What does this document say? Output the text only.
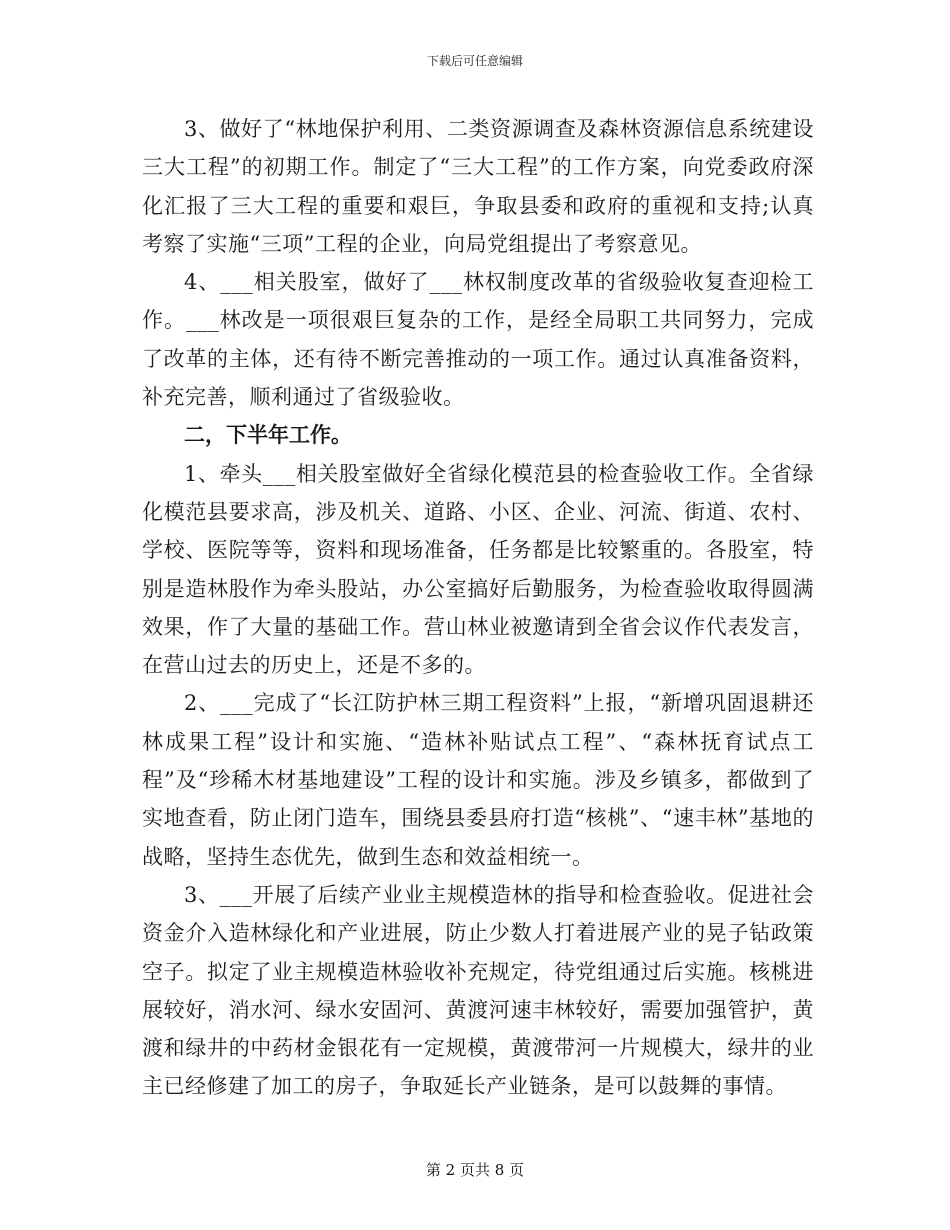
下载后可任意编辑

3、做好了“林地保护利用、二类资源调查及森林资源信息系统建设三大工程”的初期工作。制定了“三大工程”的工作方案，向党委政府深化汇报了三大工程的重要和艰巨，争取县委和政府的重视和支持;认真考察了实施“三项”工程的企业，向局党组提出了考察意见。

4、___相关股室，做好了___林权制度改革的省级验收复查迎检工作。___林改是一项很艰巨复杂的工作，是经全局职工共同努力，完成了改革的主体，还有待不断完善推动的一项工作。通过认真准备资料，补充完善，顺利通过了省级验收。

二，下半年工作。

1、牵头___相关股室做好全省绿化模范县的检查验收工作。全省绿化模范县要求高，涉及机关、道路、小区、企业、河流、街道、农村、学校、医院等等，资料和现场准备，任务都是比较繁重的。各股室，特别是造林股作为牵头股站，办公室搞好后勤服务，为检查验收取得圆满效果，作了大量的基础工作。营山林业被邀请到全省会议作代表发言，在营山过去的历史上，还是不多的。

2、___完成了“长江防护林三期工程资料”上报，“新增巩固退耕还林成果工程”设计和实施、“造林补贴试点工程”、“森林抚育试点工程”及“珍稀木材基地建设”工程的设计和实施。涉及乡镇多，都做到了实地查看，防止闭门造车，围绕县委县府打造“核桃”、“速丰林”基地的战略，坚持生态优先，做到生态和效益相统一。

3、___开展了后续产业业主规模造林的指导和检查验收。促进社会资金介入造林绿化和产业进展，防止少数人打着进展产业的晃子钻政策空子。拟定了业主规模造林验收补充规定，待党组通过后实施。核桃进展较好，消水河、绿水安固河、黄渡河速丰林较好，需要加强管护，黄渡和绿井的中药材金银花有一定规模，黄渡带河一片规模大，绿井的业主已经修建了加工的房子，争取延长产业链条，是可以鼓舞的事情。

第 2 页共 8 页
